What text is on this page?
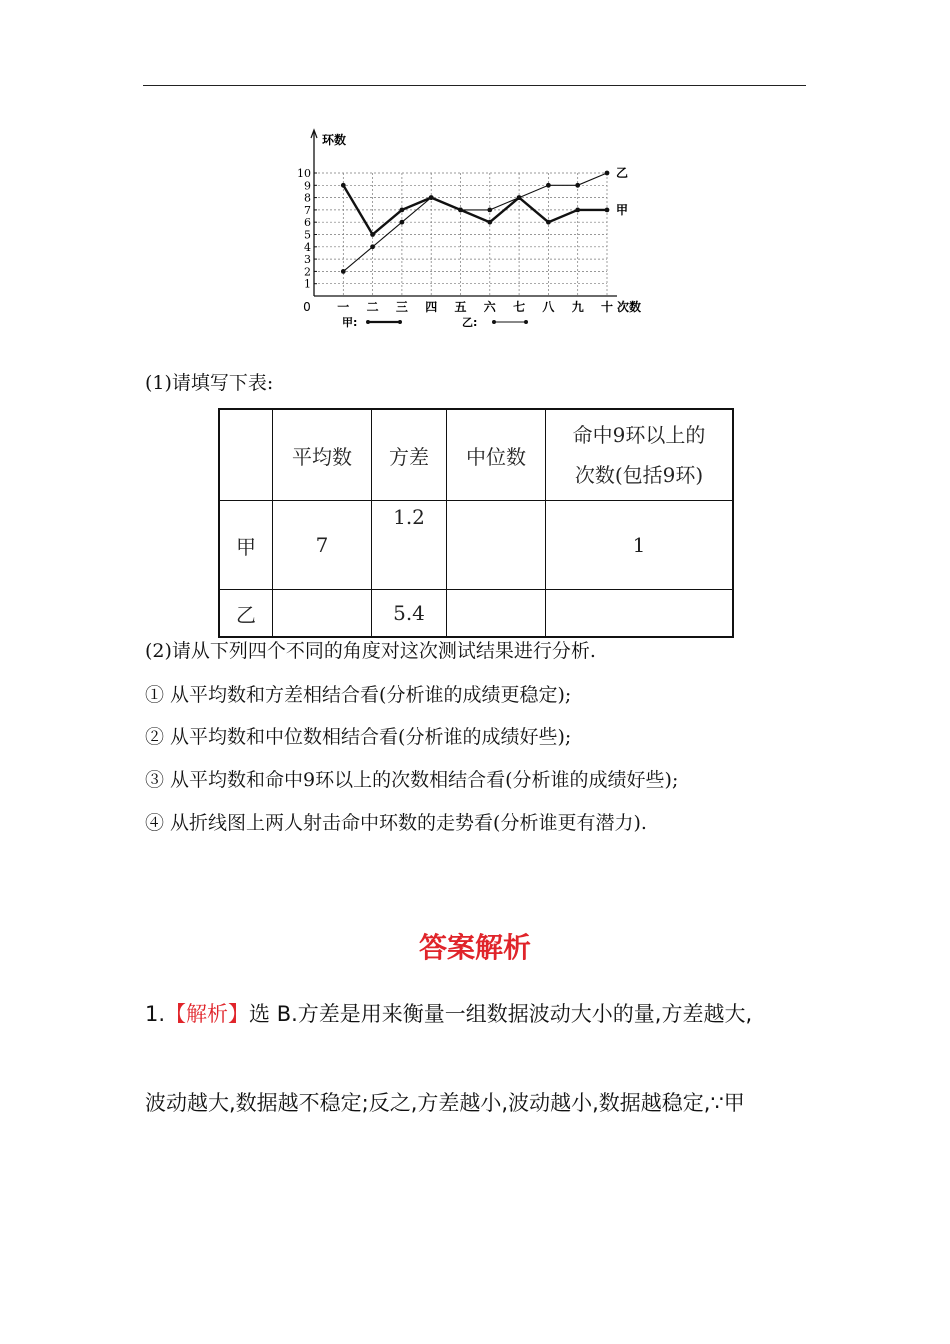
环数
0
1
2
3
4
5
6
7
8
9
10
一 二 三 四 五 六 七 八 九 十 次数
甲
乙
甲:	乙:
(1)请填写下表:
	平均数	方差	中位数	命中9环以上的
次数(包括9环)

甲	7	1.2		1
乙		5.4		
(2)请从下列四个不同的角度对这次测试结果进行分析.
① 从平均数和方差相结合看(分析谁的成绩更稳定);
② 从平均数和中位数相结合看(分析谁的成绩好些);
③ 从平均数和命中9环以上的次数相结合看(分析谁的成绩好些);
④ 从折线图上两人射击命中环数的走势看(分析谁更有潜力).
答案解析
1.【解析】选 B.方差是用来衡量一组数据波动大小的量,方差越大,
波动越大,数据越不稳定;反之,方差越小,波动越小,数据越稳定,∵甲
